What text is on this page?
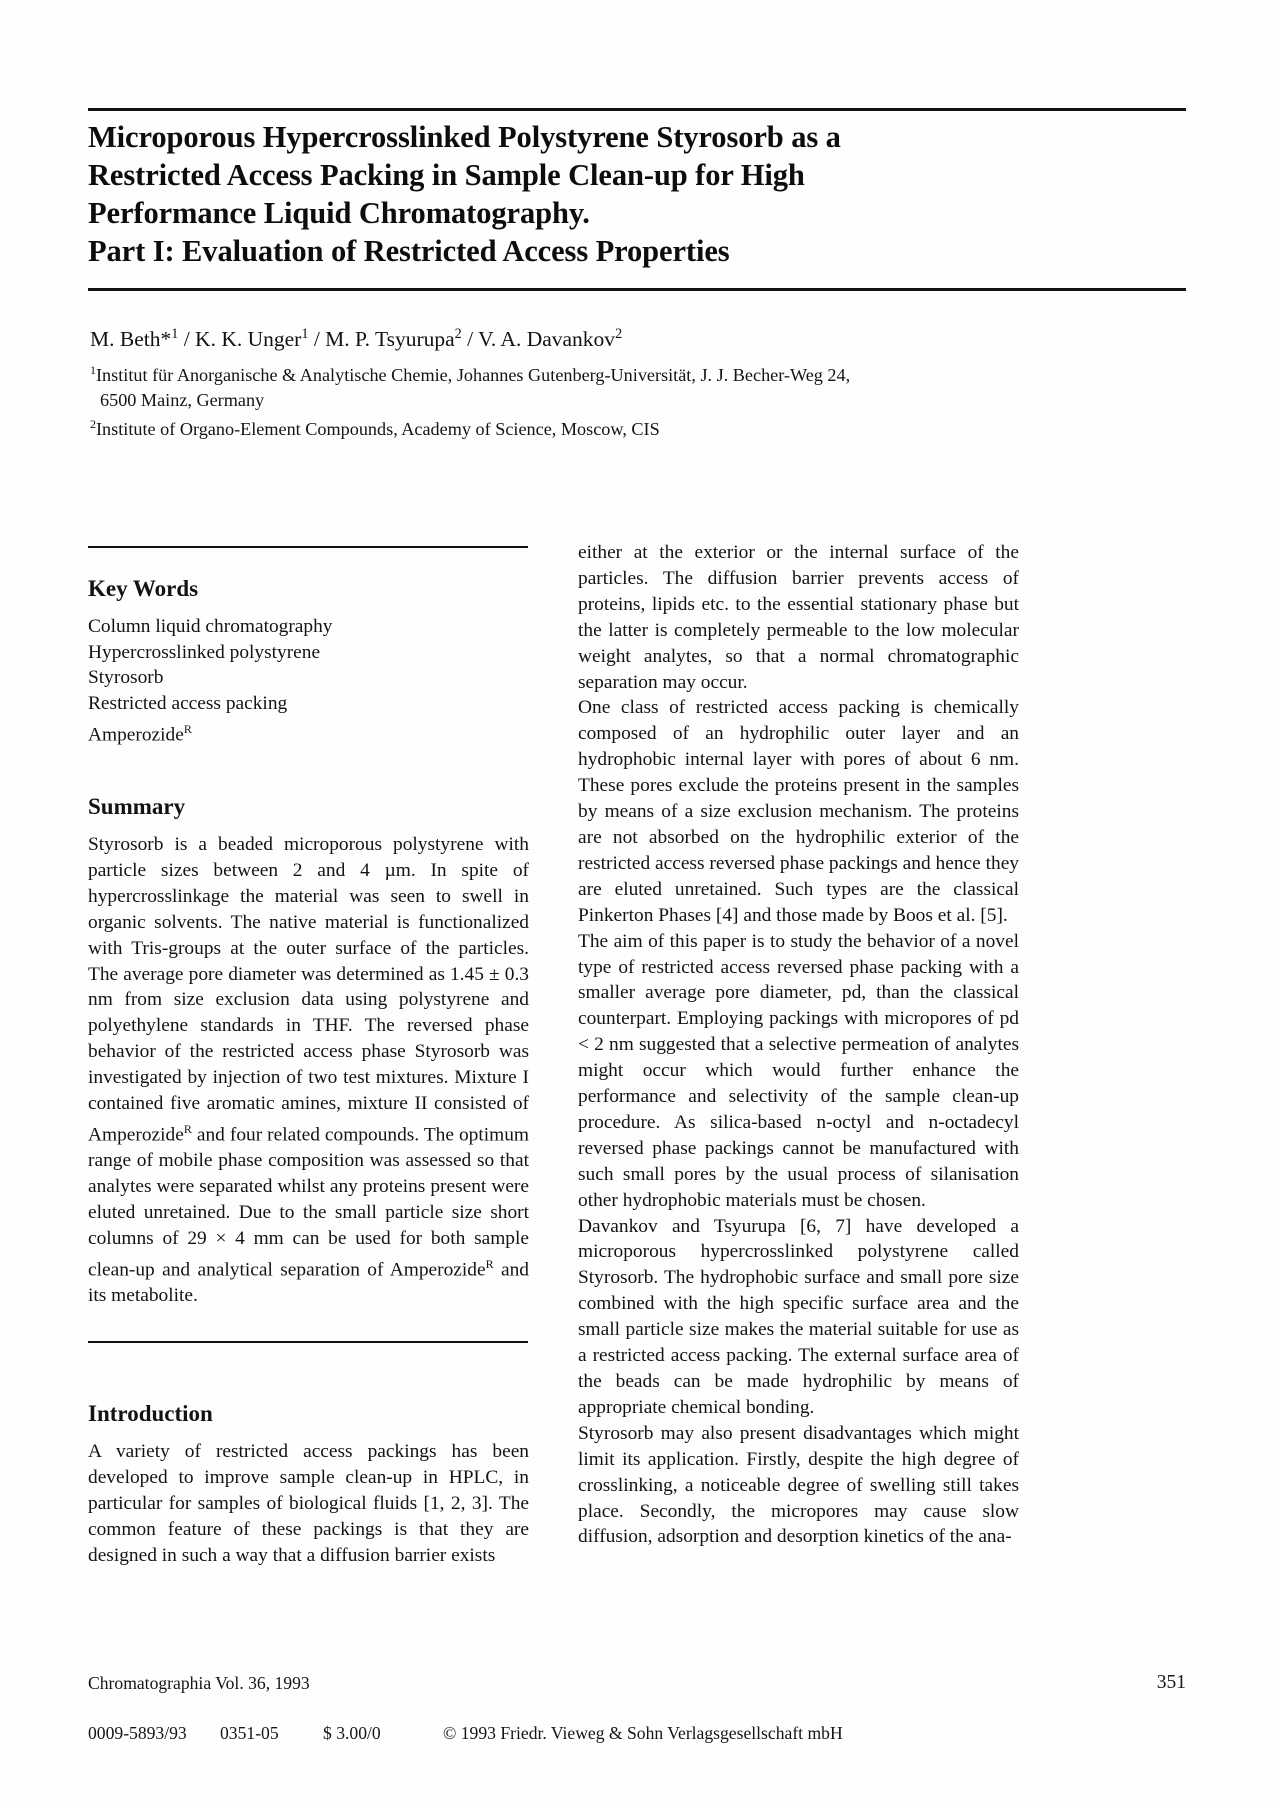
Microporous Hypercrosslinked Polystyrene Styrosorb as a
Restricted Access Packing in Sample Clean-up for High
Performance Liquid Chromatography.
Part I: Evaluation of Restricted Access Properties
M. Beth*$^1$ / K. K. Unger$^1$ / M. P. Tsyurupa$^2$ / V. A. Davankov$^2$
$^1$Institut für Anorganische & Analytische Chemie, Johannes Gutenberg-Universität, J. J. Becher-Weg 24,
6500 Mainz, Germany
$^2$Institute of Organo-Element Compounds, Academy of Science, Moscow, CIS
Key Words
Column liquid chromatography
Hypercrosslinked polystyrene
Styrosorb
Restricted access packing
Amperozide$^R$
Summary

Styrosorb is a beaded microporous polystyrene with particle sizes between 2 and 4 µm. In spite of hypercrosslinkage the material was seen to swell in organic solvents. The native material is functionalized with Tris-groups at the outer surface of the particles. The average pore diameter was determined as 1.45 ± 0.3 nm from size exclusion data using polystyrene and polyethylene standards in THF. The reversed phase behavior of the restricted access phase Styrosorb was investigated by injection of two test mixtures. Mixture I contained five aromatic amines, mixture II consisted of Amperozide$^R$ and four related compounds. The optimum range of mobile phase composition was assessed so that analytes were separated whilst any proteins present were eluted unretained. Due to the small particle size short columns of 29 × 4 mm can be used for both sample clean-up and analytical separation of Amperozide$^R$ and its metabolite.

Introduction

A variety of restricted access packings has been developed to improve sample clean-up in HPLC, in particular for samples of biological fluids [1, 2, 3]. The common feature of these packings is that they are designed in such a way that a diffusion barrier exists

either at the exterior or the internal surface of the particles. The diffusion barrier prevents access of proteins, lipids etc. to the essential stationary phase but the latter is completely permeable to the low molecular weight analytes, so that a normal chromatographic separation may occur.

One class of restricted access packing is chemically composed of an hydrophilic outer layer and an hydrophobic internal layer with pores of about 6 nm. These pores exclude the proteins present in the samples by means of a size exclusion mechanism. The proteins are not absorbed on the hydrophilic exterior of the restricted access reversed phase packings and hence they are eluted unretained. Such types are the classical Pinkerton Phases [4] and those made by Boos et al. [5].

The aim of this paper is to study the behavior of a novel type of restricted access reversed phase packing with a smaller average pore diameter, pd, than the classical counterpart. Employing packings with micropores of pd < 2 nm suggested that a selective permeation of analytes might occur which would further enhance the performance and selectivity of the sample clean-up procedure. As silica-based n-octyl and n-octadecyl reversed phase packings cannot be manufactured with such small pores by the usual process of silanisation other hydrophobic materials must be chosen.

Davankov and Tsyurupa [6, 7] have developed a microporous hypercrosslinked polystyrene called Styrosorb. The hydrophobic surface and small pore size combined with the high specific surface area and the small particle size makes the material suitable for use as a restricted access packing. The external surface area of the beads can be made hydrophilic by means of appropriate chemical bonding.

Styrosorb may also present disadvantages which might limit its application. Firstly, despite the high degree of crosslinking, a noticeable degree of swelling still takes place. Secondly, the micropores may cause slow diffusion, adsorption and desorption kinetics of the ana-

Chromatographia Vol. 36, 1993	351
0009-5893/93 0351-05	$ 3.00/0	© 1993 Friedr. Vieweg & Sohn Verlagsgesellschaft mbH
